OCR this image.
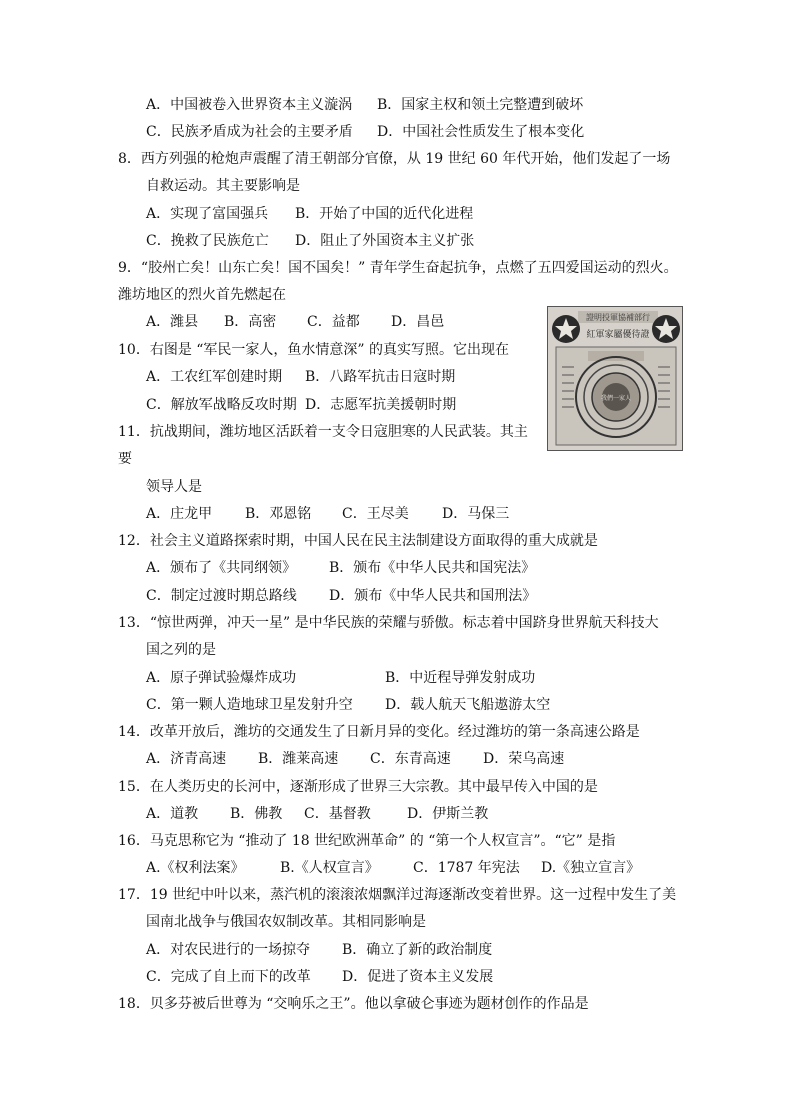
A．中国被卷入世界资本主义漩涡 B．国家主权和领土完整遭到破坏
C．民族矛盾成为社会的主要矛盾 D．中国社会性质发生了根本变化
8．西方列强的枪炮声震醒了清王朝部分官僚，从 19 世纪 60 年代开始，他们发起了一场
自救运动。其主要影响是
A．实现了富国强兵 B．开始了中国的近代化进程
C．挽救了民族危亡 D．阻止了外国资本主义扩张
9．“胶州亡矣！山东亡矣！国不国矣！” 青年学生奋起抗争，点燃了五四爱国运动的烈火。
潍坊地区的烈火首先燃起在
A．潍县 B．高密 C．益都 D．昌邑
10．右图是 “军民一家人，鱼水情意深” 的真实写照。它出现在
A．工农红军创建时期 B．八路军抗击日寇时期
C．解放军战略反攻时期 D．志愿军抗美援朝时期
11．抗战期间，潍坊地区活跃着一支令日寇胆寒的人民武装。其主
要
领导人是
A．庄龙甲 B．邓恩铭 C．王尽美 D．马保三
12．社会主义道路探索时期，中国人民在民主法制建设方面取得的重大成就是
A．颁布了《共同纲领》 B．颁布《中华人民共和国宪法》
C．制定过渡时期总路线 D．颁布《中华人民共和国刑法》
13．“惊世两弹，冲天一星” 是中华民族的荣耀与骄傲。标志着中国跻身世界航天科技大
国之列的是
A．原子弹试验爆炸成功	B．中近程导弹发射成功
C．第一颗人造地球卫星发射升空 D．载人航天飞船遨游太空
14．改革开放后，潍坊的交通发生了日新月异的变化。经过潍坊的第一条高速公路是
A．济青高速 B．潍莱高速 C．东青高速 D．荣乌高速
15．在人类历史的长河中，逐渐形成了世界三大宗教。其中最早传入中国的是
A．道教 B．佛教 C．基督教	D．伊斯兰教
16．马克思称它为 “推动了 18 世纪欧洲革命” 的 “第一个人权宣言”。“它” 是指
A.《权利法案》	B.《人权宣言》 C．1787 年宪法 D.《独立宣言》
17．19 世纪中叶以来，蒸汽机的滚滚浓烟飘洋过海逐渐改变着世界。这一过程中发生了美
国南北战争与俄国农奴制改革。其相同影响是
A．对农民进行的一场掠夺 B．确立了新的政治制度
C．完成了自上而下的改革 D．促进了资本主义发展
18．贝多芬被后世尊为 “交响乐之王”。他以拿破仑事迹为题材创作的作品是
證明投軍協補部行
紅軍家屬優待證
我們一家人
